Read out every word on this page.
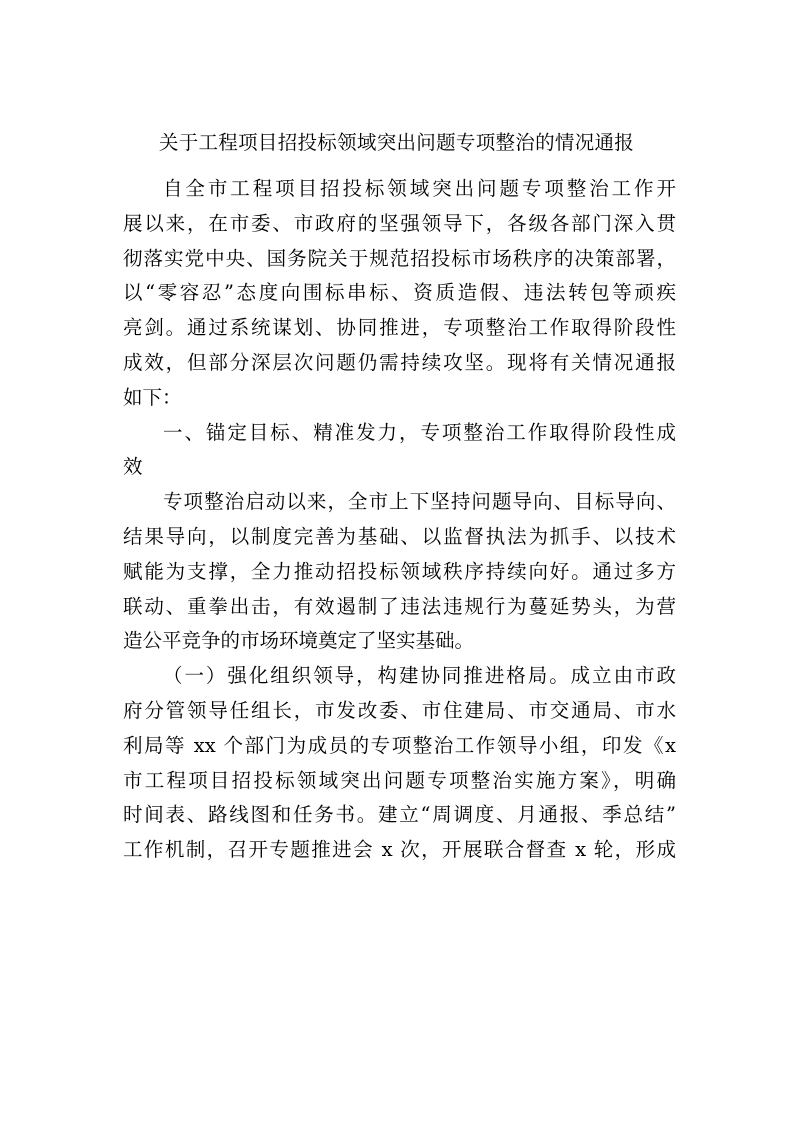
关于工程项目招投标领域突出问题专项整治的情况通报
自全市工程项目招投标领域突出问题专项整治工作开
展以来，在市委、市政府的坚强领导下，各级各部门深入贯
彻落实党中央、国务院关于规范招投标市场秩序的决策部署，
以“零容忍”态度向围标串标、资质造假、违法转包等顽疾
亮剑。通过系统谋划、协同推进，专项整治工作取得阶段性
成效，但部分深层次问题仍需持续攻坚。现将有关情况通报
如下：
一、锚定目标、精准发力，专项整治工作取得阶段性成
效
专项整治启动以来，全市上下坚持问题导向、目标导向、
结果导向，以制度完善为基础、以监督执法为抓手、以技术
赋能为支撑，全力推动招投标领域秩序持续向好。通过多方
联动、重拳出击，有效遏制了违法违规行为蔓延势头，为营
造公平竞争的市场环境奠定了坚实基础。
（一）强化组织领导，构建协同推进格局。成立由市政
府分管领导任组长，市发改委、市住建局、市交通局、市水
利局等 xx 个部门为成员的专项整治工作领导小组，印发《x
市工程项目招投标领域突出问题专项整治实施方案》，明确
时间表、路线图和任务书。建立“周调度、月通报、季总结”
工作机制，召开专题推进会 x 次，开展联合督查 x 轮，形成
